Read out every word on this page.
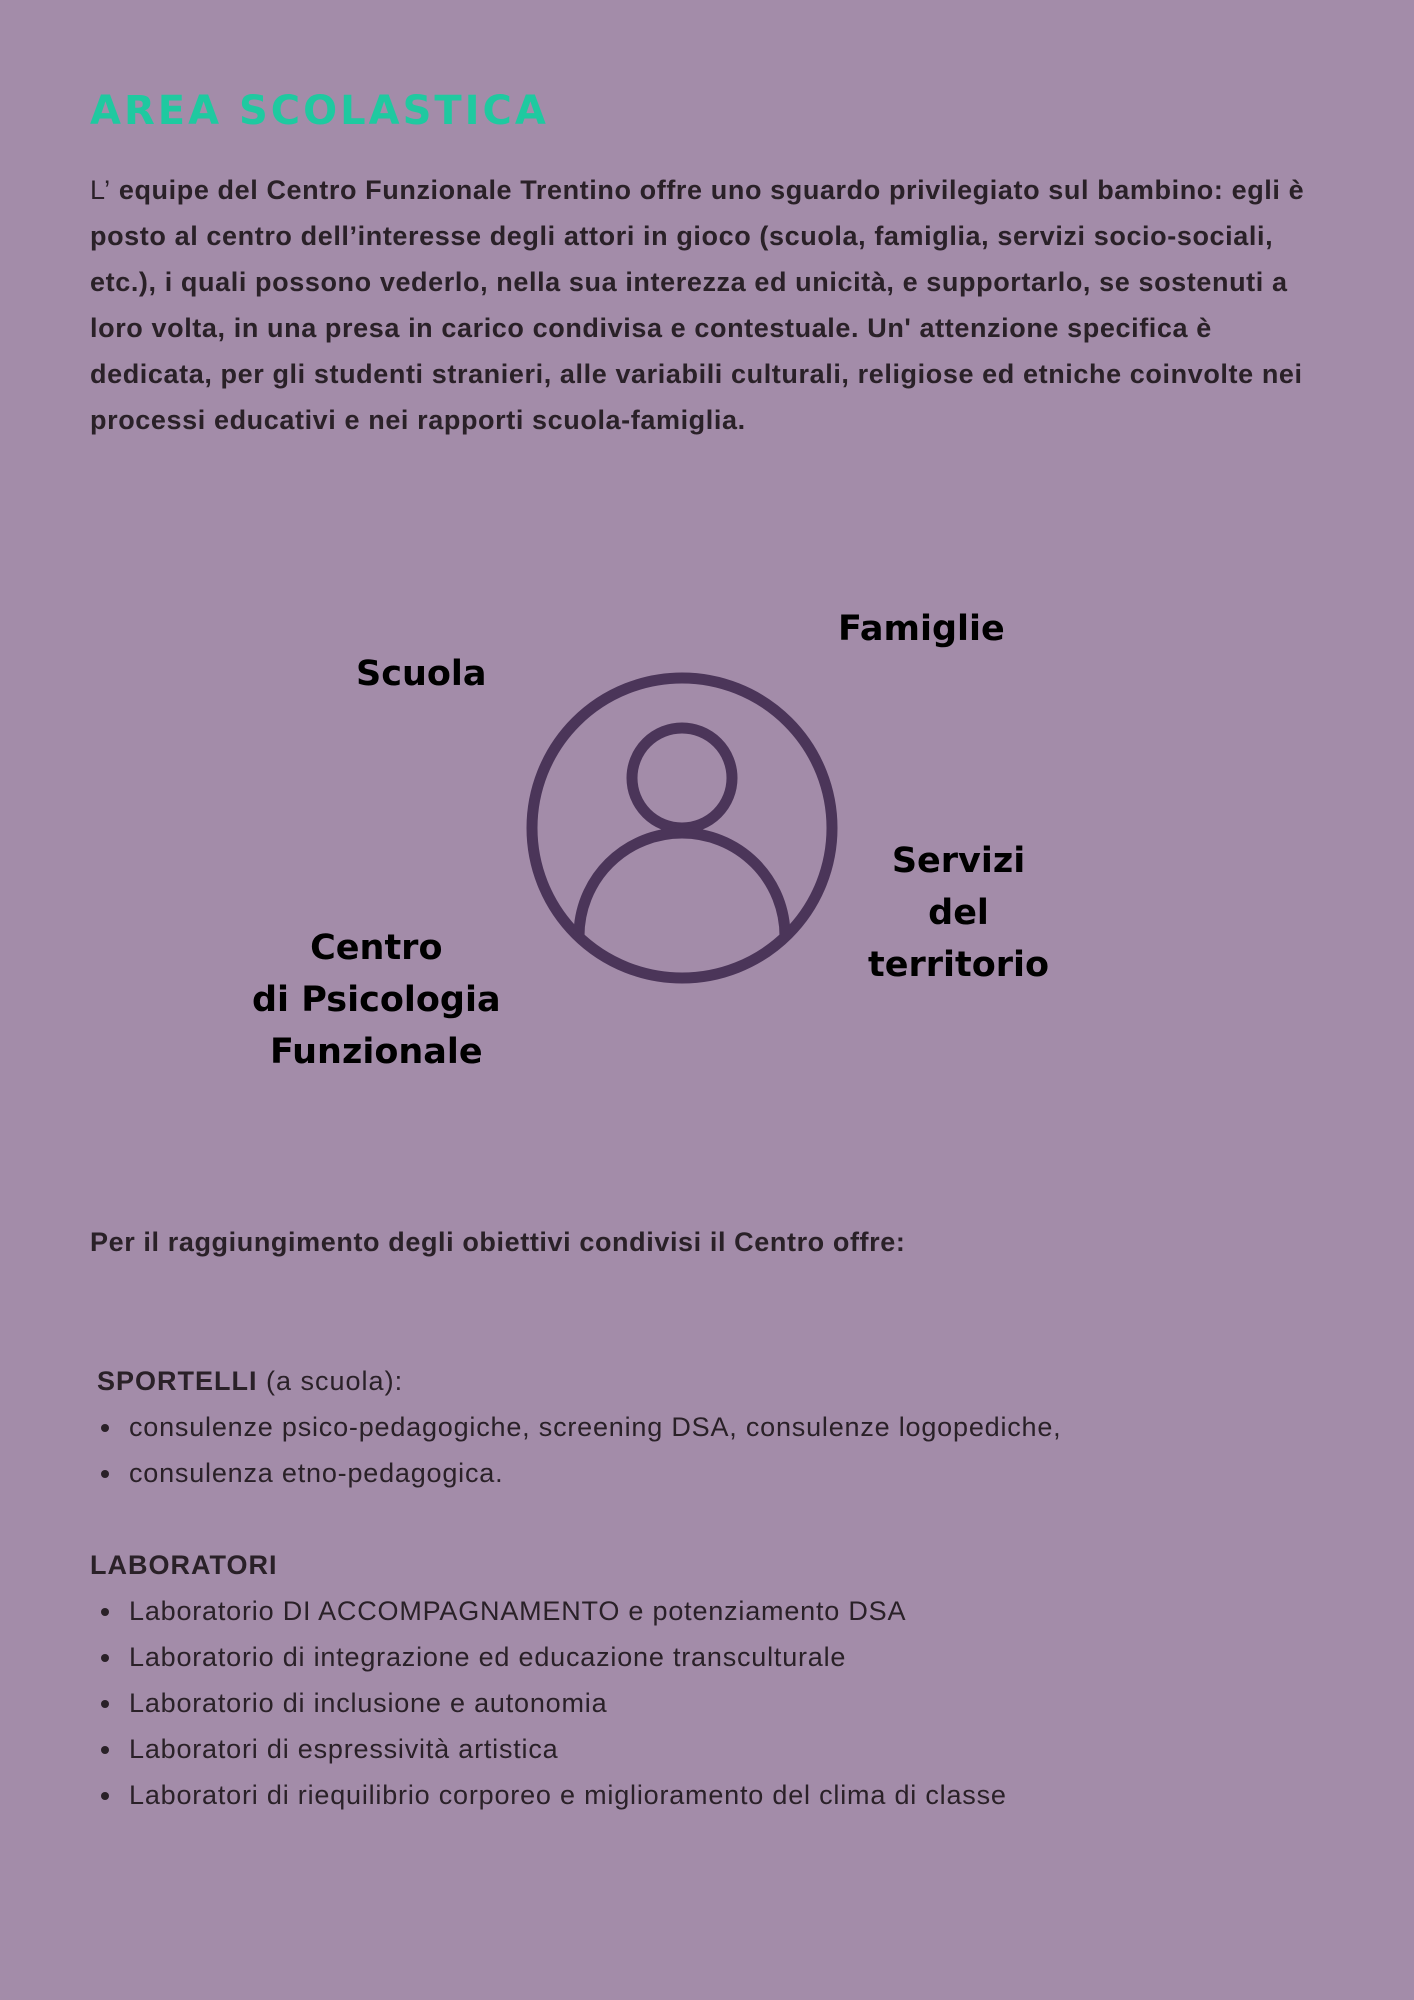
AREA SCOLASTICA

L’ equipe del Centro Funzionale Trentino offre uno sguardo privilegiato sul bambino: egli è posto al centro dell’interesse degli attori in gioco (scuola, famiglia, servizi socio-sociali, etc.), i quali possono vederlo, nella sua interezza ed unicità, e supportarlo, se sostenuti a loro volta, in una presa in carico condivisa e contestuale. Un' attenzione specifica è dedicata, per gli studenti stranieri, alle variabili culturali, religiose ed etniche coinvolte nei processi educativi e nei rapporti scuola-famiglia.

Scuola
Famiglie
Servizi
del
territorio
Centro
di Psicologia
Funzionale

Per il raggiungimento degli obiettivi condivisi il Centro offre:

SPORTELLI (a scuola):

consulenze psico-pedagogiche, screening DSA, consulenze logopediche,
consulenza etno-pedagogica.

LABORATORI

Laboratorio DI ACCOMPAGNAMENTO e potenziamento DSA
Laboratorio di integrazione ed educazione transculturale
Laboratorio di inclusione e autonomia
Laboratori di espressività artistica
Laboratori di riequilibrio corporeo e miglioramento del clima di classe
